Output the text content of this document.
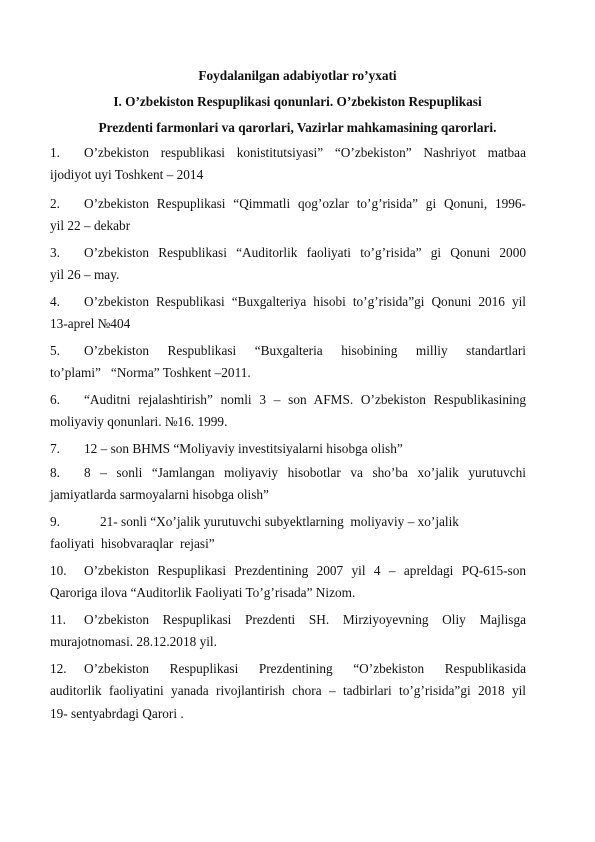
Foydalanilgan adabiyotlar ro’yxati
I. O’zbekiston Respuplikasi qonunlari. O’zbekiston Respuplikasi
Prezdenti farmonlari va qarorlari, Vazirlar mahkamasining qarorlari.
1.	O’zbekiston respublikasi konistitutsiyasi” “O’zbekiston” Nashriyot matbaa
ijodiyot uyi Toshkent – 2014
2.	O’zbekiston Respuplikasi “Qimmatli qog’ozlar to’g’risida” gi Qonuni, 1996-
yil 22 – dekabr
3.	O’zbekiston Respublikasi “Auditorlik faoliyati to’g’risida” gi Qonuni 2000
yil 26 – may.
4.	O’zbekiston Respublikasi “Buxgalteriya hisobi to’g’risida”gi Qonuni 2016 yil
13-aprel №404
5.	O’zbekiston Respublikasi “Buxgalteria hisobining milliy standartlari
to’plami”   “Norma” Toshkent –2011.
6.	“Auditni rejalashtirish” nomli 3 – son AFMS. O’zbekiston Respublikasining
moliyaviy qonunlari. №16. 1999.
7.	12 – son BHMS “Moliyaviy investitsiyalarni hisobga olish”
8.	8 – sonli “Jamlangan moliyaviy hisobotlar va sho’ba xo’jalik yurutuvchi
jamiyatlarda sarmoyalarni hisobga olish”
9.	21- sonli “Xo’jalik yurutuvchi subyektlarning  moliyaviy – xo’jalik
faoliyati  hisobvaraqlar  rejasi”
10.	O’zbekiston Respuplikasi Prezdentining 2007 yil 4 – apreldagi PQ-615-son
Qaroriga ilova “Auditorlik Faoliyati To’g’risada” Nizom.
11.	O’zbekiston Respuplikasi Prezdenti SH. Mirziyoyevning Oliy Majlisga
murajotnomasi. 28.12.2018 yil.
12.	O’zbekiston Respuplikasi Prezdentining “O’zbekiston Respublikasida
auditorlik faoliyatini yanada rivojlantirish chora – tadbirlari to’g’risida”gi 2018 yil
19- sentyabrdagi Qarori .
